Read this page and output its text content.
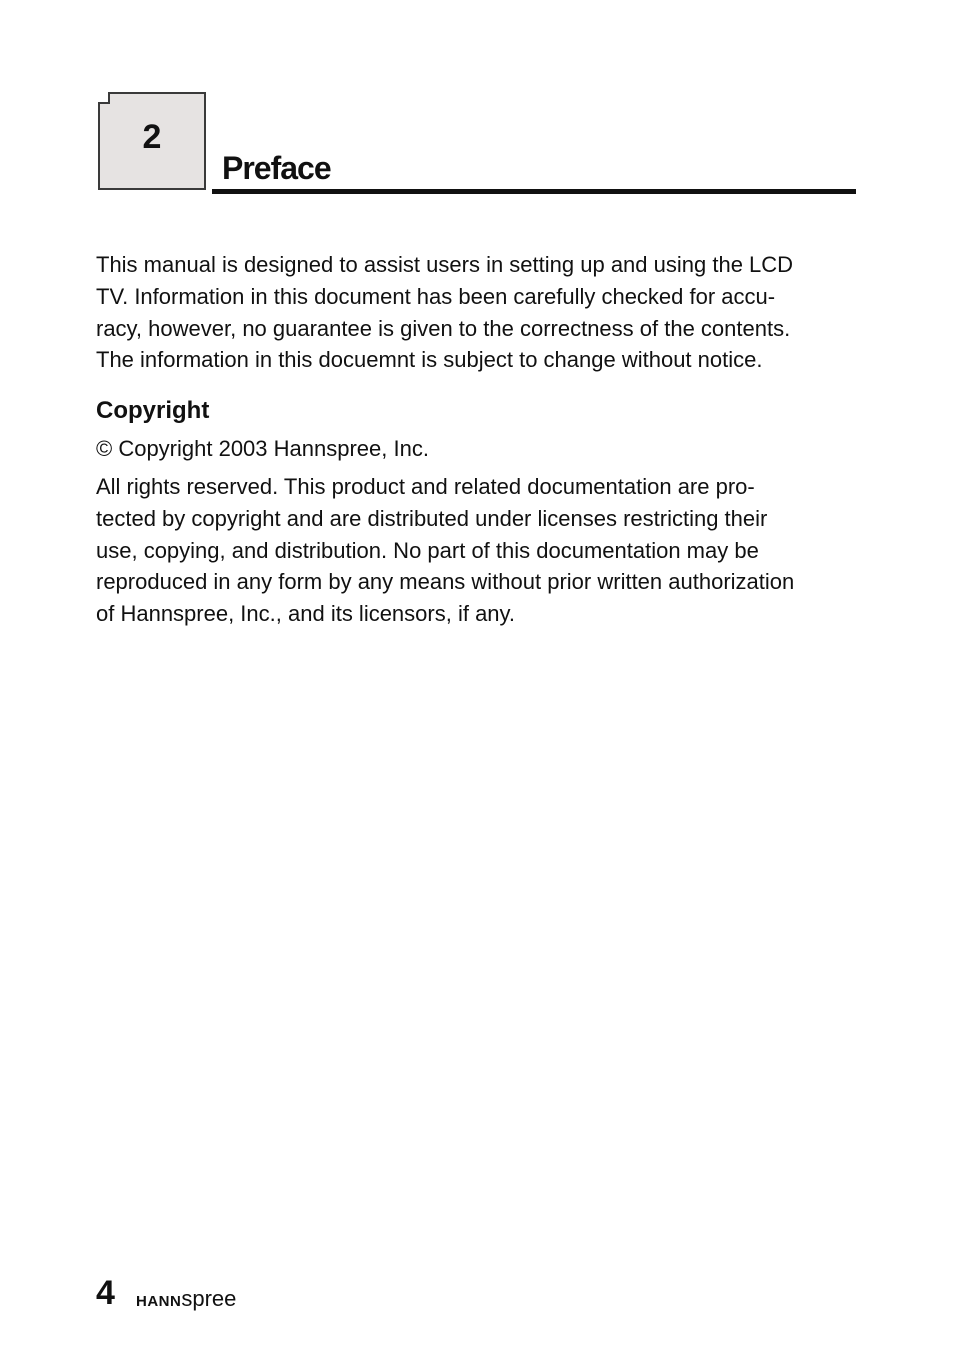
2
Preface
This manual is designed to assist users in setting up and using the LCD
TV. Information in this document has been carefully checked for accu-
racy, however, no guarantee is given to the correctness of the contents.
The information in this docuemnt is subject to change without notice.
Copyright
© Copyright 2003 Hannspree, Inc.
All rights reserved. This product and related documentation are pro-
tected by copyright and are distributed under licenses restricting their
use, copying, and distribution. No part of this documentation may be
reproduced in any form by any means without prior written authorization
of Hannspree, Inc., and its licensors, if any.
4 HANNspree
